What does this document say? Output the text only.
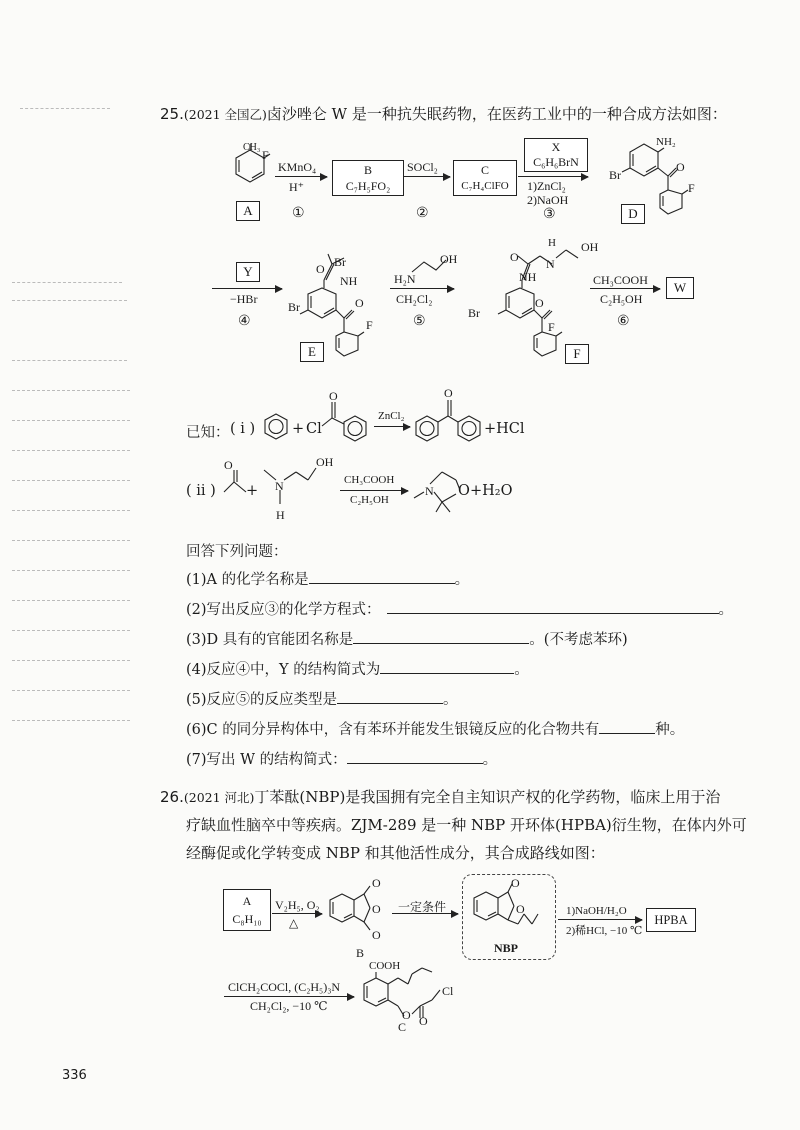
25.(2021 全国乙)卤沙唑仑 W 是一种抗失眠药物，在医药工业中的一种合成方法如图：
CH₃
F
A
KMnO₄
H⁺
①
B
C₇H₅FO₂
SOCl₂
②
C
C₇H₄ClFO
X
C₆H₆BrN
1)ZnCl₂
2)NaOH
③
NH₂
O
Br
F
D
Y
−HBr
④
Br
O
NH
Br	O
F
E
OH
H₂N
CH₂Cl₂
⑤
O
H
N
OH
NH
Br
O
F
F
CH₃COOH
C₂H₅OH
⑥
W
已知： ( i )	+ Cl
O
ZnCl₂
O
+HCl
( ii )
O
+
OH
N
H
CH₃COOH
C₂H₅OH
N O +H₂O
回答下列问题：
(1)A 的化学名称是	。
(2)写出反应③的化学方程式：	。
(3)D 具有的官能团名称是	。(不考虑苯环)
(4)反应④中，Y 的结构简式为	。
(5)反应⑤的反应类型是	。
(6)C 的同分异构体中，含有苯环并能发生银镜反应的化合物共有	种。
(7)写出 W 的结构简式：	。
26.(2021 河北)丁苯酞(NBP)是我国拥有完全自主知识产权的化学药物，临床上用于治
疗缺血性脑卒中等疾病。ZJM-289 是一种 NBP 开环体(HPBA)衍生物，在体内外可
经酶促或化学转变成 NBP 和其他活性成分，其合成路线如图：
A
C₈H₁₀
V₂H₅, O₂
△
O
O
O
B
一定条件
O
O
NBP
1)NaOH/H₂O
2)稀HCl, −10 ℃
HPBA
ClCH₂COCl, (C₂H₅)₃N
CH₂Cl₂, −10 ℃
COOH
Cl
O O
C
336
